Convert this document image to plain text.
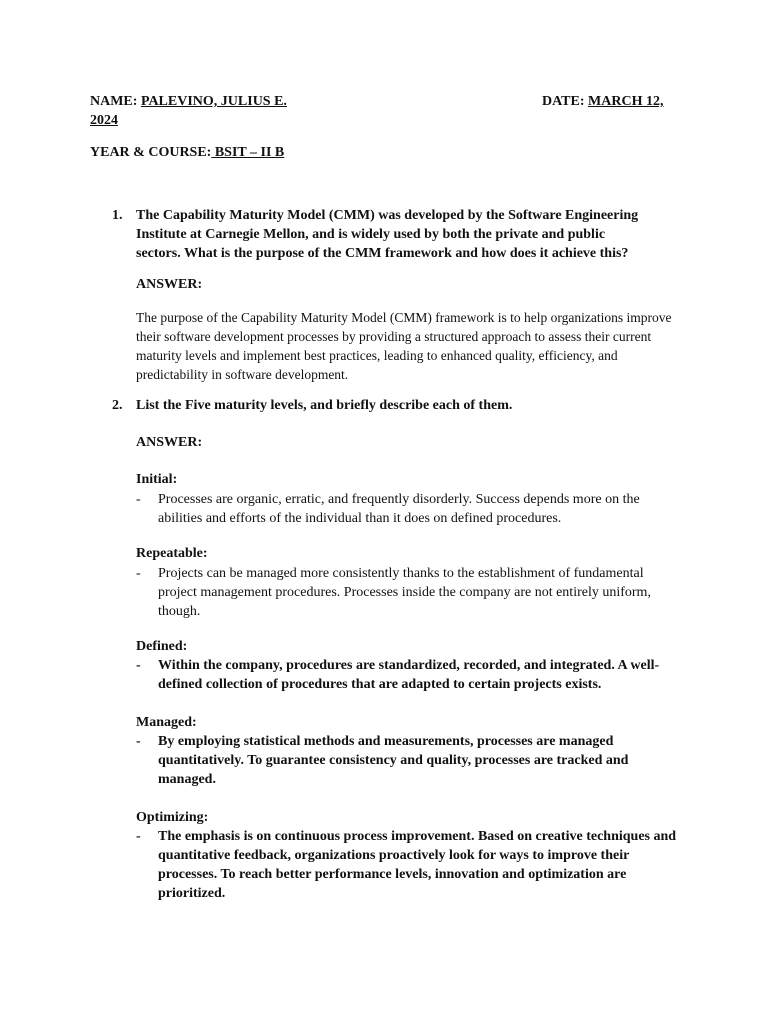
NAME: PALEVINO, JULIUS E.	DATE: MARCH 12,
2024
YEAR & COURSE: BSIT – II B
1. The Capability Maturity Model (CMM) was developed by the Software Engineering Institute at Carnegie Mellon, and is widely used by both the private and public sectors. What is the purpose of the CMM framework and how does it achieve this?
ANSWER:
The purpose of the Capability Maturity Model (CMM) framework is to help organizations improve their software development processes by providing a structured approach to assess their current maturity levels and implement best practices, leading to enhanced quality, efficiency, and predictability in software development.
2. List the Five maturity levels, and briefly describe each of them.
ANSWER:
Initial:
- Processes are organic, erratic, and frequently disorderly. Success depends more on the abilities and efforts of the individual than it does on defined procedures.
Repeatable:
- Projects can be managed more consistently thanks to the establishment of fundamental project management procedures. Processes inside the company are not entirely uniform, though.
Defined:
- Within the company, procedures are standardized, recorded, and integrated. A well-defined collection of procedures that are adapted to certain projects exists.
Managed:
- By employing statistical methods and measurements, processes are managed quantitatively. To guarantee consistency and quality, processes are tracked and managed.
Optimizing:
- The emphasis is on continuous process improvement. Based on creative techniques and quantitative feedback, organizations proactively look for ways to improve their processes. To reach better performance levels, innovation and optimization are prioritized.
